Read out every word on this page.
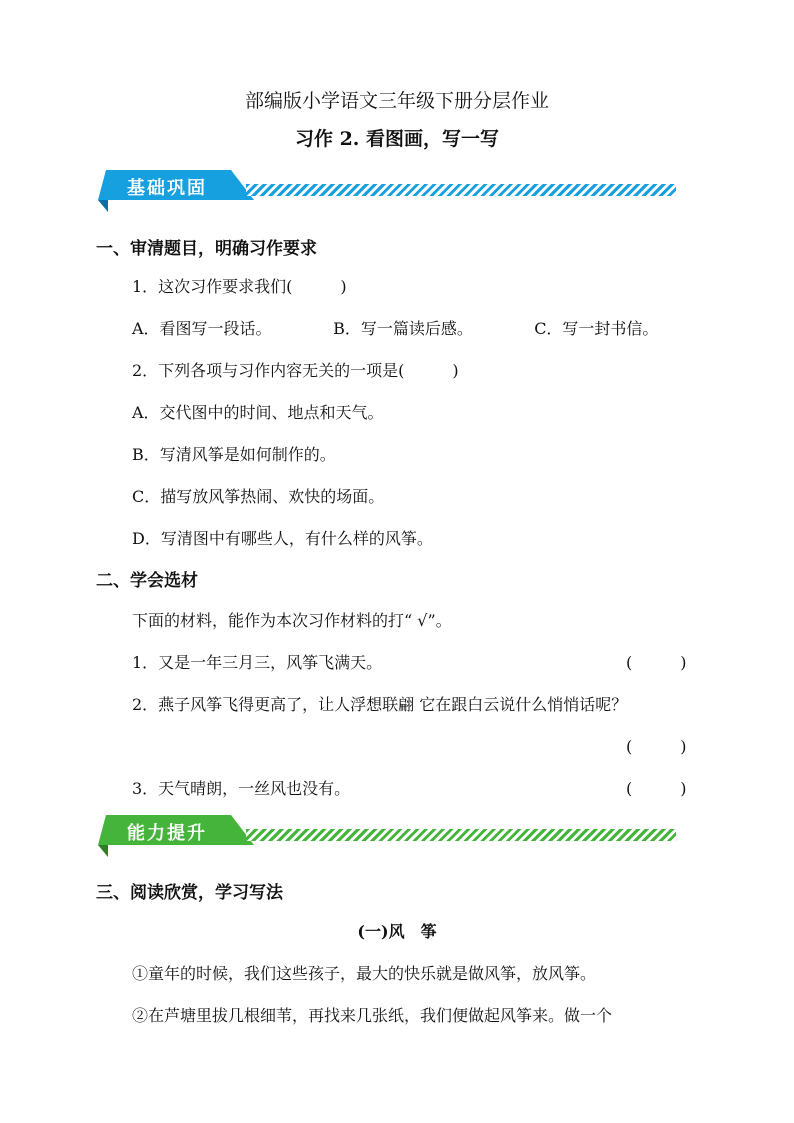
部编版小学语文三年级下册分层作业
习作 2. 看图画，写一写
基础巩固
一、审清题目，明确习作要求
1．这次习作要求我们(　　　)
A．看图写一段话。	B．写一篇读后感。	C．写一封书信。
2．下列各项与习作内容无关的一项是(　　　)
A．交代图中的时间、地点和天气。
B．写清风筝是如何制作的。
C．描写放风筝热闹、欢快的场面。
D．写清图中有哪些人，有什么样的风筝。
二、学会选材
下面的材料，能作为本次习作材料的打“ √”。
1．又是一年三月三，风筝飞满天。	(　　　)
2．燕子风筝飞得更高了，让人浮想联翩 它在跟白云说什么悄悄话呢？
(　　　)
3．天气晴朗，一丝风也没有。	(　　　)
能力提升
三、阅读欣赏，学习写法
(一)风　筝
①童年的时候，我们这些孩子，最大的快乐就是做风筝，放风筝。
②在芦塘里拔几根细苇，再找来几张纸，我们便做起风筝来。做一个
